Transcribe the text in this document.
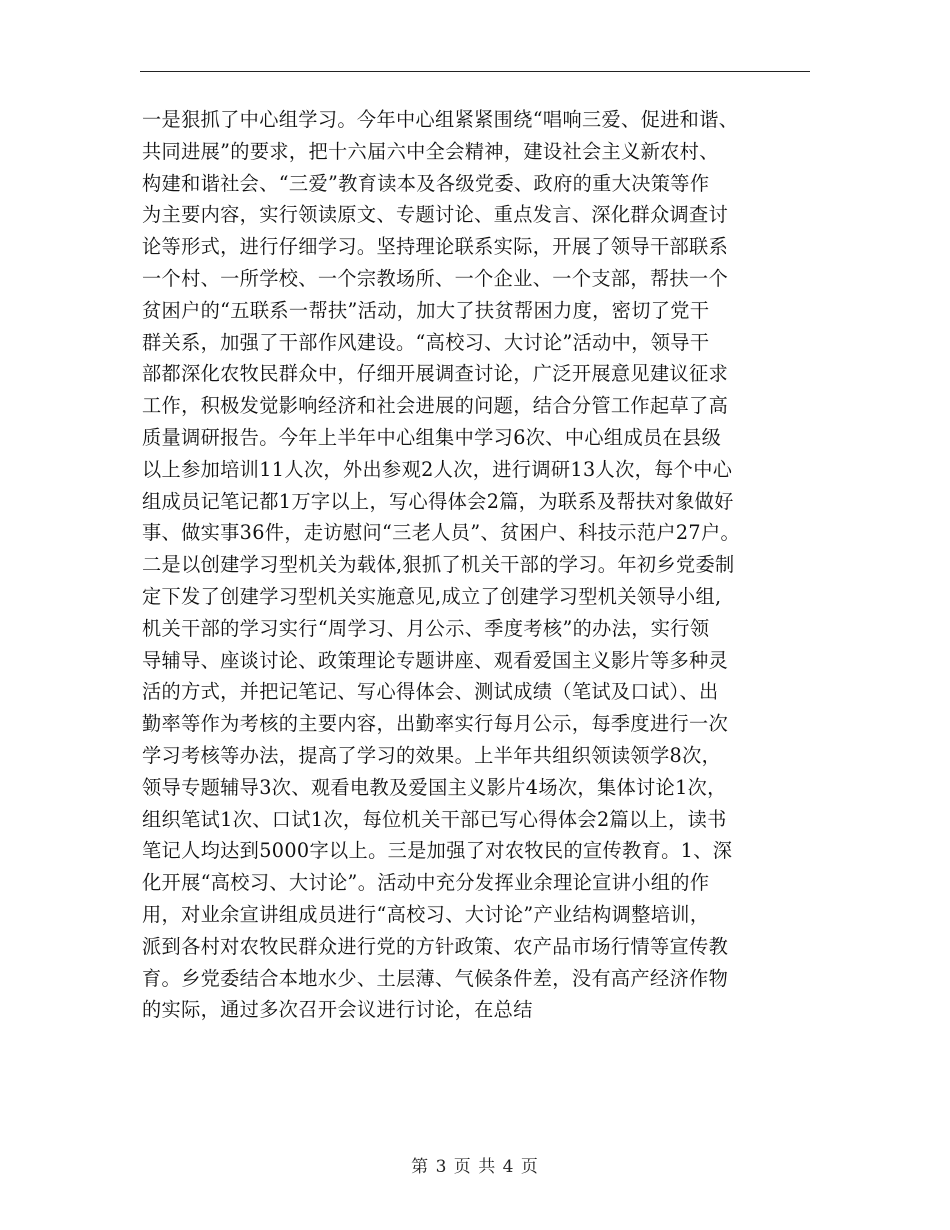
一是狠抓了中心组学习。今年中心组紧紧围绕“唱响三爱、促进和谐、
共同进展”的要求，把十六届六中全会精神，建设社会主义新农村、
构建和谐社会、“三爱”教育读本及各级党委、政府的重大决策等作
为主要内容，实行领读原文、专题讨论、重点发言、深化群众调查讨
论等形式，进行仔细学习。坚持理论联系实际，开展了领导干部联系
一个村、一所学校、一个宗教场所、一个企业、一个支部，帮扶一个
贫困户的“五联系一帮扶”活动，加大了扶贫帮困力度，密切了党干
群关系，加强了干部作风建设。“高校习、大讨论”活动中，领导干
部都深化农牧民群众中，仔细开展调查讨论，广泛开展意见建议征求
工作，积极发觉影响经济和社会进展的问题，结合分管工作起草了高
质量调研报告。今年上半年中心组集中学习6次、中心组成员在县级
以上参加培训11人次，外出参观2人次，进行调研13人次，每个中心
组成员记笔记都1万字以上，写心得体会2篇，为联系及帮扶对象做好
事、做实事36件，走访慰问“三老人员”、贫困户、科技示范户27户。
二是以创建学习型机关为载体,狠抓了机关干部的学习。年初乡党委制
定下发了创建学习型机关实施意见,成立了创建学习型机关领导小组,
机关干部的学习实行“周学习、月公示、季度考核”的办法，实行领
导辅导、座谈讨论、政策理论专题讲座、观看爱国主义影片等多种灵
活的方式，并把记笔记、写心得体会、测试成绩（笔试及口试）、出
勤率等作为考核的主要内容，出勤率实行每月公示，每季度进行一次
学习考核等办法，提高了学习的效果。上半年共组织领读领学8次，
领导专题辅导3次、观看电教及爱国主义影片4场次，集体讨论1次，
组织笔试1次、口试1次，每位机关干部已写心得体会2篇以上，读书
笔记人均达到5000字以上。三是加强了对农牧民的宣传教育。1、深
化开展“高校习、大讨论”。活动中充分发挥业余理论宣讲小组的作
用，对业余宣讲组成员进行“高校习、大讨论”产业结构调整培训，
派到各村对农牧民群众进行党的方针政策、农产品市场行情等宣传教
育。乡党委结合本地水少、土层薄、气候条件差，没有高产经济作物
的实际，通过多次召开会议进行讨论，在总结
第 3 页 共 4 页
